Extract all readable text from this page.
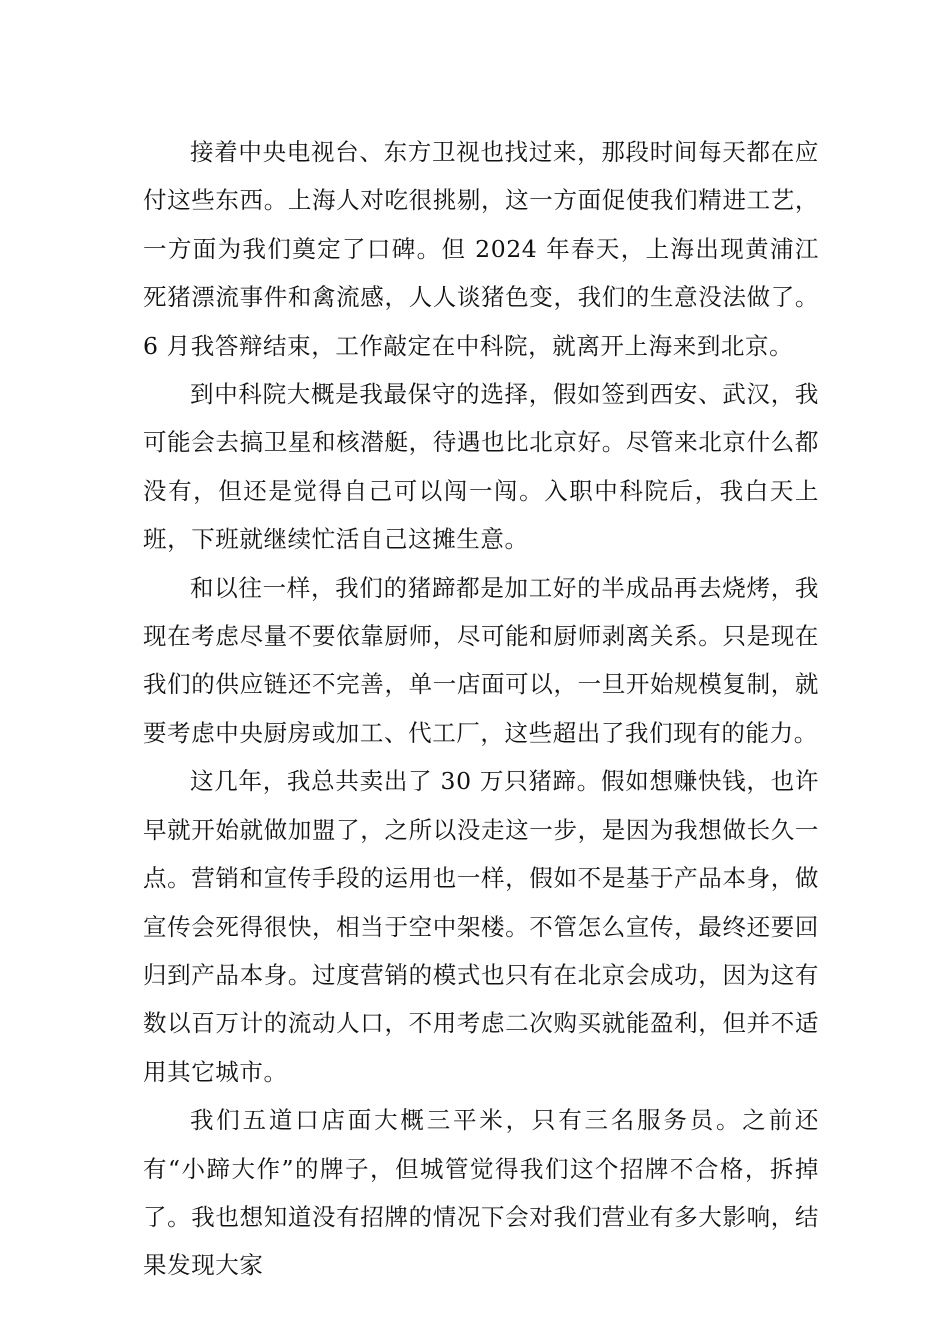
接着中央电视台、东方卫视也找过来，那段时间每天都在应付这些东西。上海人对吃很挑剔，这一方面促使我们精进工艺，一方面为我们奠定了口碑。但 2024 年春天，上海出现黄浦江死猪漂流事件和禽流感，人人谈猪色变，我们的生意没法做了。6 月我答辩结束，工作敲定在中科院，就离开上海来到北京。

到中科院大概是我最保守的选择，假如签到西安、武汉，我可能会去搞卫星和核潜艇，待遇也比北京好。尽管来北京什么都没有，但还是觉得自己可以闯一闯。入职中科院后，我白天上班，下班就继续忙活自己这摊生意。

和以往一样，我们的猪蹄都是加工好的半成品再去烧烤，我现在考虑尽量不要依靠厨师，尽可能和厨师剥离关系。只是现在我们的供应链还不完善，单一店面可以，一旦开始规模复制，就要考虑中央厨房或加工、代工厂，这些超出了我们现有的能力。

这几年，我总共卖出了 30 万只猪蹄。假如想赚快钱，也许早就开始就做加盟了，之所以没走这一步，是因为我想做长久一点。营销和宣传手段的运用也一样，假如不是基于产品本身，做宣传会死得很快，相当于空中架楼。不管怎么宣传，最终还要回归到产品本身。过度营销的模式也只有在北京会成功，因为这有数以百万计的流动人口，不用考虑二次购买就能盈利，但并不适用其它城市。

我们五道口店面大概三平米，只有三名服务员。之前还有“小蹄大作”的牌子，但城管觉得我们这个招牌不合格，拆掉了。我也想知道没有招牌的情况下会对我们营业有多大影响，结果发现大家
